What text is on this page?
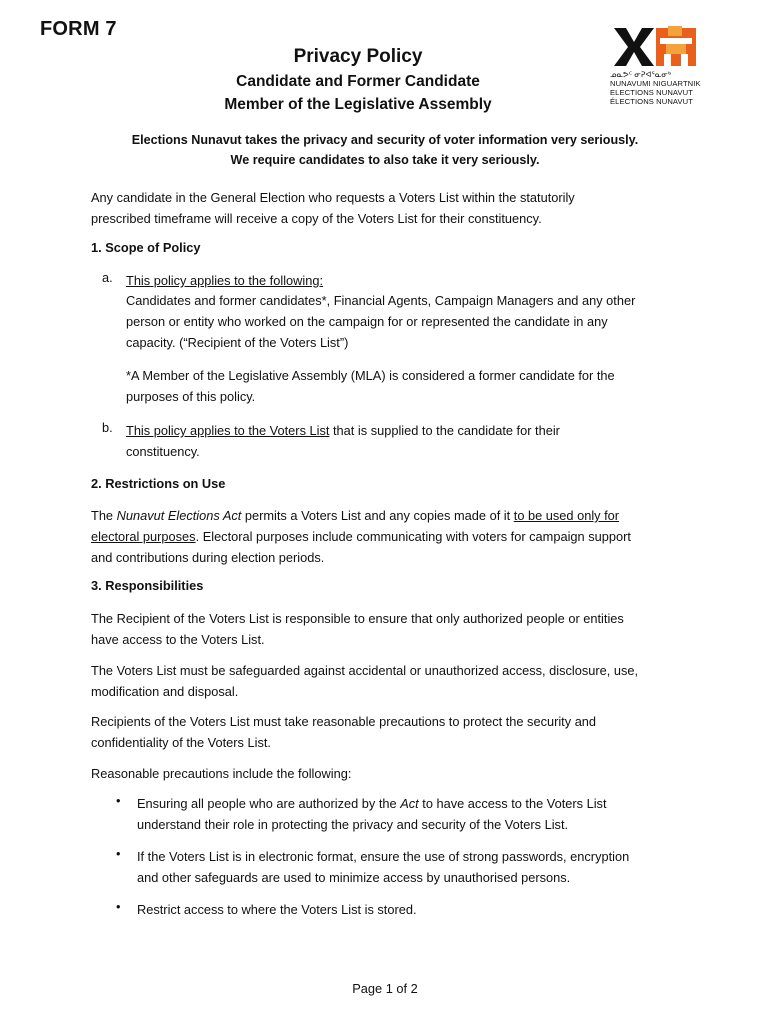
FORM 7
Privacy Policy
Candidate and Former Candidate
Member of the Legislative Assembly
ᓄᓇᕗᑦ ᓂᕈᐊᕐᓇᓂᒃ
NUNAVUMI NIGUARTNIK
ELECTIONS NUNAVUT
ÉLECTIONS NUNAVUT
Elections Nunavut takes the privacy and security of voter information very seriously.
We require candidates to also take it very seriously.
Any candidate in the General Election who requests a Voters List within the statutorily
prescribed timeframe will receive a copy of the Voters List for their constituency.
1. Scope of Policy
a. This policy applies to the following:
Candidates and former candidates*, Financial Agents, Campaign Managers and any other
person or entity who worked on the campaign for or represented the candidate in any
capacity. (“Recipient of the Voters List”)
*A Member of the Legislative Assembly (MLA) is considered a former candidate for the
purposes of this policy.
b. This policy applies to the Voters List that is supplied to the candidate for their
constituency.
2. Restrictions on Use
The Nunavut Elections Act permits a Voters List and any copies made of it to be used only for
electoral purposes. Electoral purposes include communicating with voters for campaign support
and contributions during election periods.
3. Responsibilities
The Recipient of the Voters List is responsible to ensure that only authorized people or entities
have access to the Voters List.
The Voters List must be safeguarded against accidental or unauthorized access, disclosure, use,
modification and disposal.
Recipients of the Voters List must take reasonable precautions to protect the security and
confidentiality of the Voters List.
Reasonable precautions include the following:
• Ensuring all people who are authorized by the Act to have access to the Voters List
understand their role in protecting the privacy and security of the Voters List.
• If the Voters List is in electronic format, ensure the use of strong passwords, encryption
and other safeguards are used to minimize access by unauthorised persons.
• Restrict access to where the Voters List is stored.
Page 1 of 2
